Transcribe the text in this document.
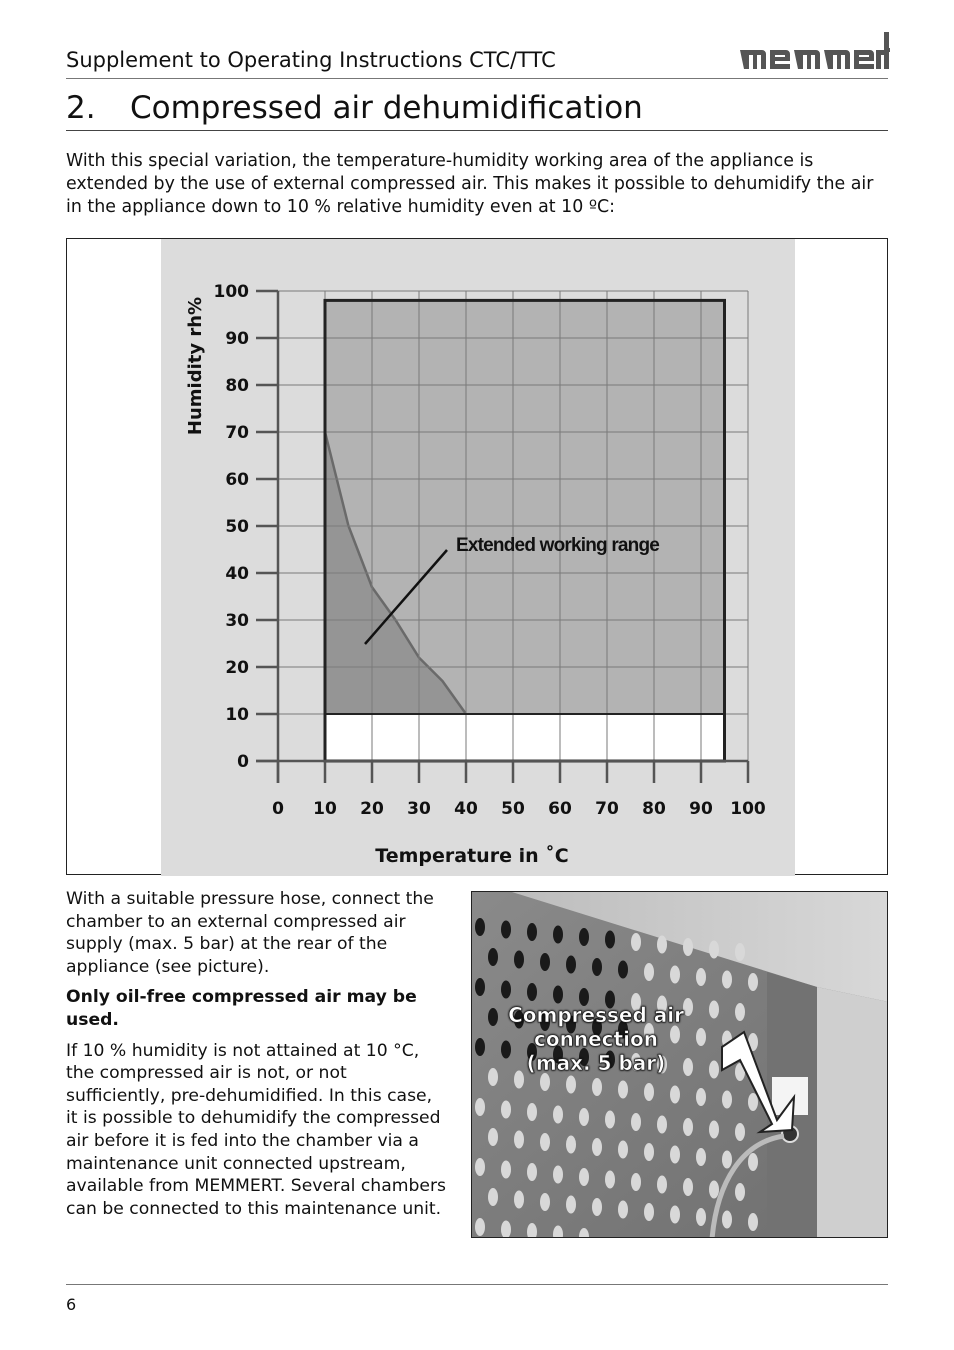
Supplement to Operating Instructions CTC/TTC
2. Compressed air dehumidification
With this special variation, the temperature-humidity working area of the appliance is extended by the use of external compressed air. This makes it possible to dehumidify the air in the appliance down to 10 % relative humidity even at 10 ºC:
0 10 20 30 40 50 60 70 80 90 100
0
10
20
30
40
50
60
70
80
90
100
Temperature in ˚C
Humidity rh%
Extended working range

With a suitable pressure hose, connect the chamber to an external compressed air supply (max. 5 bar) at the rear of the appliance (see picture).

Only oil-free compressed air may be used.

If 10 % humidity is not attained at 10 °C, the compressed air is not, or not sufficiently, pre-dehumidified. In this case, it is possible to dehumidify the compressed air before it is fed into the chamber via a maintenance unit connected upstream, available from MEMMERT. Several chambers can be connected to this maintenance unit.

Compressed air
connection
(max. 5 bar)
6
